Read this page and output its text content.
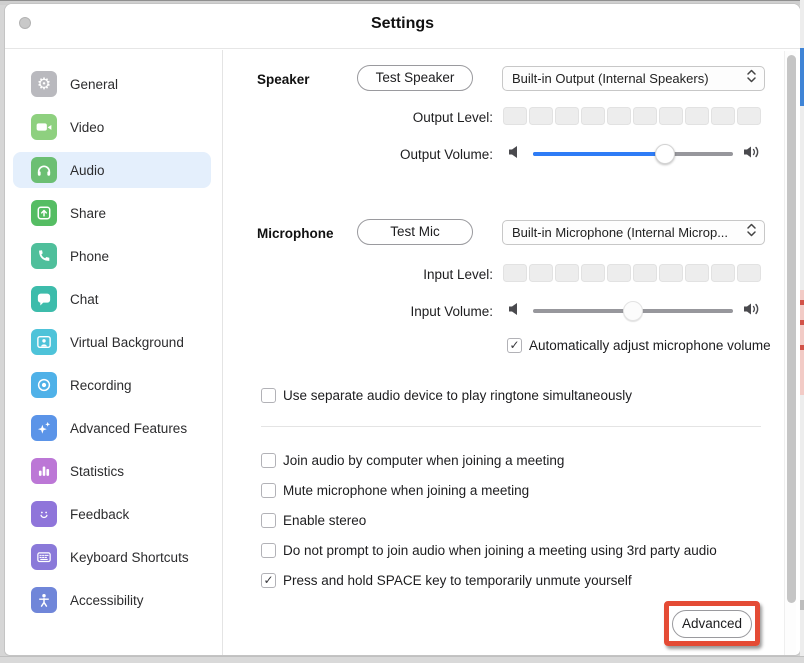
Settings
⚙ General
Video
Audio
Share
Phone
Chat
Virtual Background
Recording
Advanced Features
Statistics
Feedback
Keyboard Shortcuts
Accessibility
Speaker	Test Speaker	Built-in Output (Internal Speakers)
Output Level:
Output Volume:
Microphone	Test Mic	Built-in Microphone (Internal Microp...
Input Level:
Input Volume:
✓ Automatically adjust microphone volume
Use separate audio device to play ringtone simultaneously
Join audio by computer when joining a meeting
Mute microphone when joining a meeting
Enable stereo
Do not prompt to join audio when joining a meeting using 3rd party audio
✓ Press and hold SPACE key to temporarily unmute yourself
Advanced
